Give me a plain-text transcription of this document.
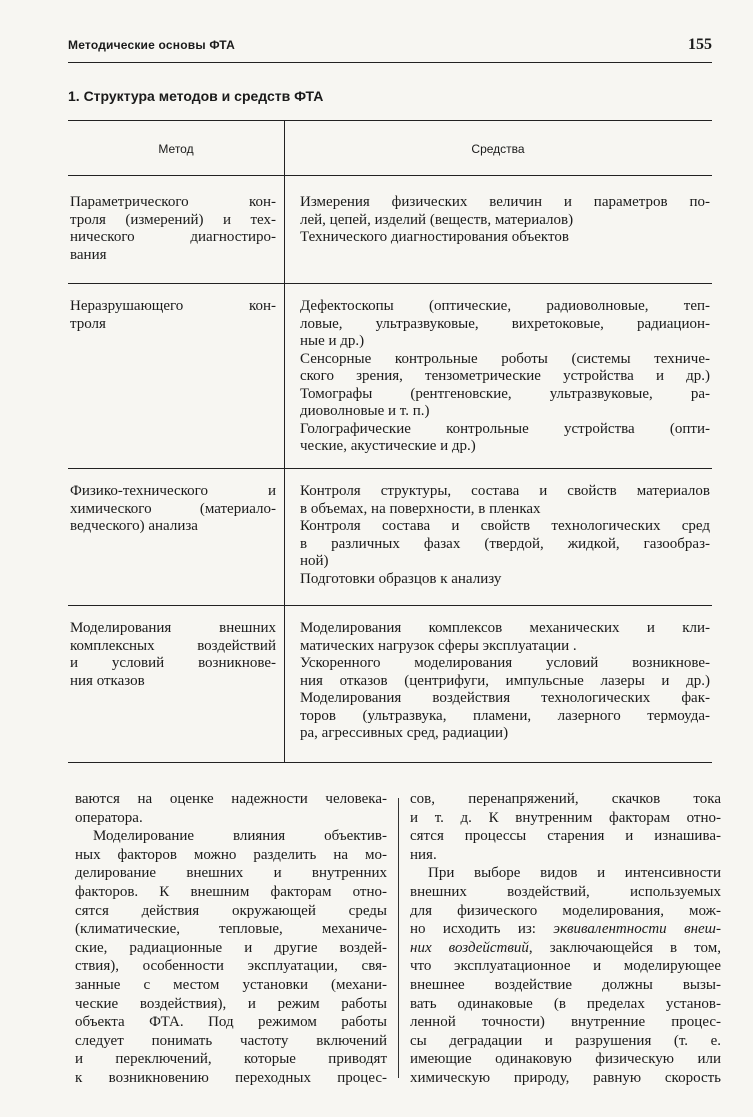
Методические основы ФТА	155
1. Структура методов и средств ФТА
Метод	Средства
Параметрического кон-
троля (измерений) и тех-
нического диагностиро-
вания
Измерения физических величин и параметров по-
лей, цепей, изделий (веществ, материалов)
Технического диагностирования объектов
Неразрушающего кон-
троля
Дефектоскопы (оптические, радиоволновые, теп-
ловые, ультразвуковые, вихретоковые, радиацион-
ные и др.)
Сенсорные контрольные роботы (системы техниче-
ского зрения, тензометрические устройства и др.)
Томографы (рентгеновские, ультразвуковые, ра-
диоволновые и т. п.)
Голографические контрольные устройства (опти-
ческие, акустические и др.)
Физико-технического и
химического (материало-
ведческого) анализа
Контроля структуры, состава и свойств материалов
в объемах, на поверхности, в пленках
Контроля состава и свойств технологических сред
в различных фазах (твердой, жидкой, газообраз-
ной)
Подготовки образцов к анализу
Моделирования внешних
комплексных воздействий
и условий возникнове-
ния отказов
Моделирования комплексов механических и кли-
матических нагрузок сферы эксплуатации .
Ускоренного моделирования условий возникнове-
ния отказов (центрифуги, импульсные лазеры и др.)
Моделирования воздействия технологических фак-
торов (ультразвука, пламени, лазерного термоуда-
ра, агрессивных сред, радиации)

ваются на оценке надежности человека-

оператора.

Моделирование влияния объектив-

ных факторов можно разделить на мо-

делирование внешних и внутренних

факторов. К внешним факторам отно-

сятся действия окружающей среды

(климатические, тепловые, механиче-

ские, радиационные и другие воздей-

ствия), особенности эксплуатации, свя-

занные с местом установки (механи-

ческие воздействия), и режим работы

объекта ФТА. Под режимом работы

следует понимать частоту включений

и переключений, которые приводят

к возникновению переходных процес-

сов, перенапряжений, скачков тока

и т. д. К внутренним факторам отно-

сятся процессы старения и изнашива-

ния.

При выборе видов и интенсивности

внешних воздействий, используемых

для физического моделирования, мож-

но исходить из: эквивалентности внеш-

них воздействий, заключающейся в том,

что эксплуатационное и моделирующее

внешнее воздействие должны вызы-

вать одинаковые (в пределах установ-

ленной точности) внутренние процес-

сы деградации и разрушения (т. е.

имеющие одинаковую физическую или

химическую природу, равную скорость
